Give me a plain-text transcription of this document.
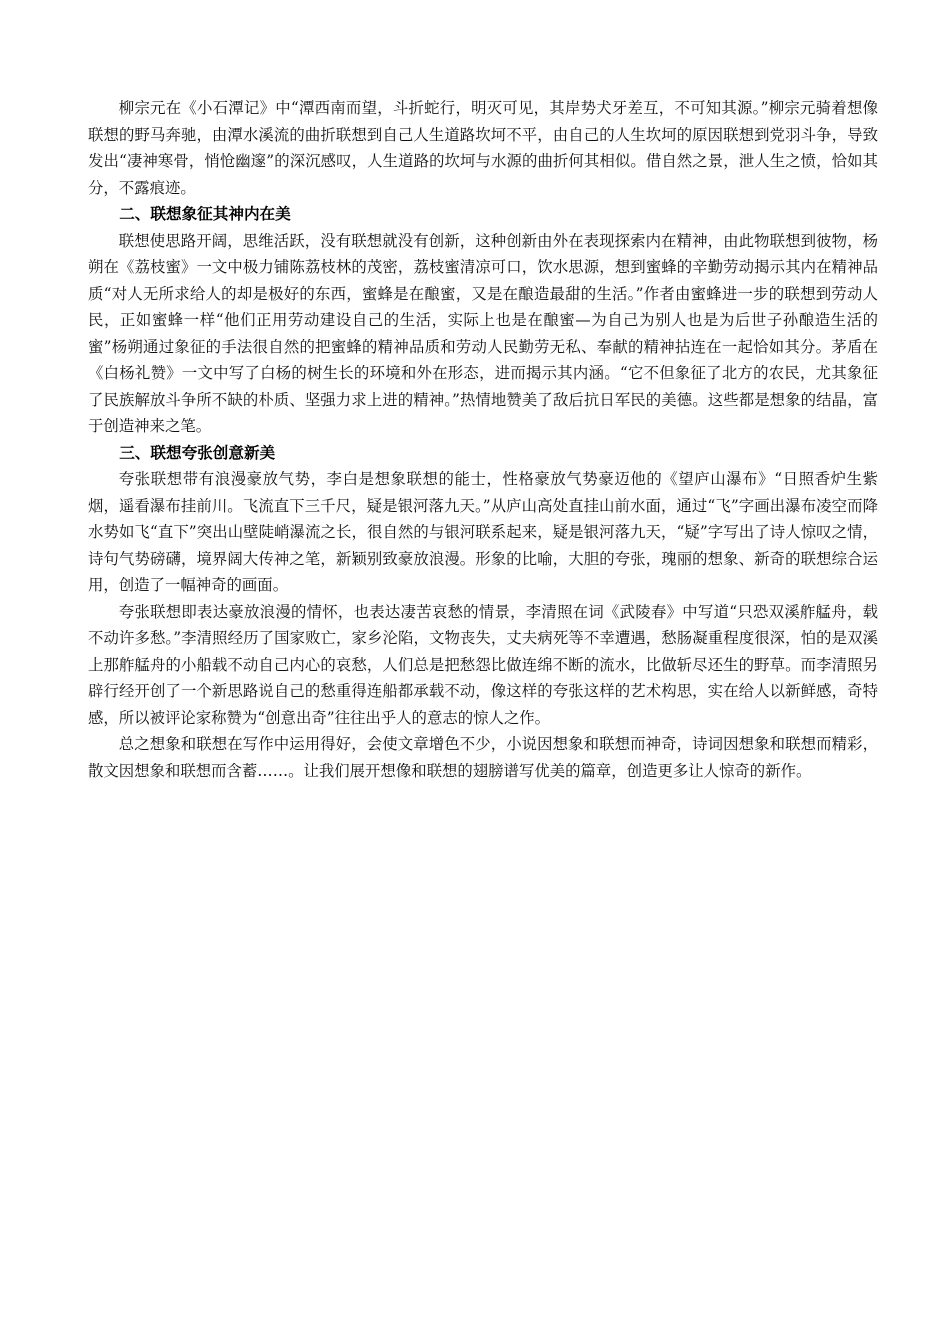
柳宗元在《小石潭记》中“潭西南而望，斗折蛇行，明灭可见，其岸势犬牙差互，不可知其源。”柳宗元骑着想像联想的野马奔驰，由潭水溪流的曲折联想到自己人生道路坎坷不平，由自己的人生坎坷的原因联想到党羽斗争，导致发出“凄神寒骨，悄怆幽邃”的深沉感叹，人生道路的坎坷与水源的曲折何其相似。借自然之景，泄人生之愤，恰如其分，不露痕迹。

二、联想象征其神内在美

联想使思路开阔，思维活跃，没有联想就没有创新，这种创新由外在表现探索内在精神，由此物联想到彼物，杨朔在《荔枝蜜》一文中极力铺陈荔枝林的茂密，荔枝蜜清凉可口，饮水思源，想到蜜蜂的辛勤劳动揭示其内在精神品质“对人无所求给人的却是极好的东西，蜜蜂是在酿蜜，又是在酿造最甜的生活。”作者由蜜蜂进一步的联想到劳动人民，正如蜜蜂一样“他们正用劳动建设自己的生活，实际上也是在酿蜜—为自己为别人也是为后世子孙酿造生活的蜜”杨朔通过象征的手法很自然的把蜜蜂的精神品质和劳动人民勤劳无私、奉献的精神拈连在一起恰如其分。茅盾在《白杨礼赞》一文中写了白杨的树生长的环境和外在形态，进而揭示其内涵。“它不但象征了北方的农民，尤其象征了民族解放斗争所不缺的朴质、坚强力求上进的精神。”热情地赞美了敌后抗日军民的美德。这些都是想象的结晶，富于创造神来之笔。

三、联想夸张创意新美

夸张联想带有浪漫豪放气势，李白是想象联想的能士，性格豪放气势豪迈他的《望庐山瀑布》“日照香炉生紫烟，遥看瀑布挂前川。飞流直下三千尺，疑是银河落九天。”从庐山高处直挂山前水面，通过“飞”字画出瀑布凌空而降水势如飞“直下”突出山壁陡峭瀑流之长，很自然的与银河联系起来，疑是银河落九天，“疑”字写出了诗人惊叹之情，诗句气势磅礴，境界阔大传神之笔，新颖别致豪放浪漫。形象的比喻，大胆的夸张，瑰丽的想象、新奇的联想综合运用，创造了一幅神奇的画面。

夸张联想即表达豪放浪漫的情怀，也表达凄苦哀愁的情景，李清照在词《武陵春》中写道“只恐双溪舴艋舟，载不动许多愁。”李清照经历了国家败亡，家乡沦陷，文物丧失，丈夫病死等不幸遭遇，愁肠凝重程度很深，怕的是双溪上那舴艋舟的小船载不动自己内心的哀愁，人们总是把愁怨比做连绵不断的流水，比做斩尽还生的野草。而李清照另辟行经开创了一个新思路说自己的愁重得连船都承载不动，像这样的夸张这样的艺术构思，实在给人以新鲜感，奇特感，所以被评论家称赞为“创意出奇”往往出乎人的意志的惊人之作。

总之想象和联想在写作中运用得好，会使文章增色不少，小说因想象和联想而神奇，诗词因想象和联想而精彩，散文因想象和联想而含蓄……。让我们展开想像和联想的翅膀谱写优美的篇章，创造更多让人惊奇的新作。
